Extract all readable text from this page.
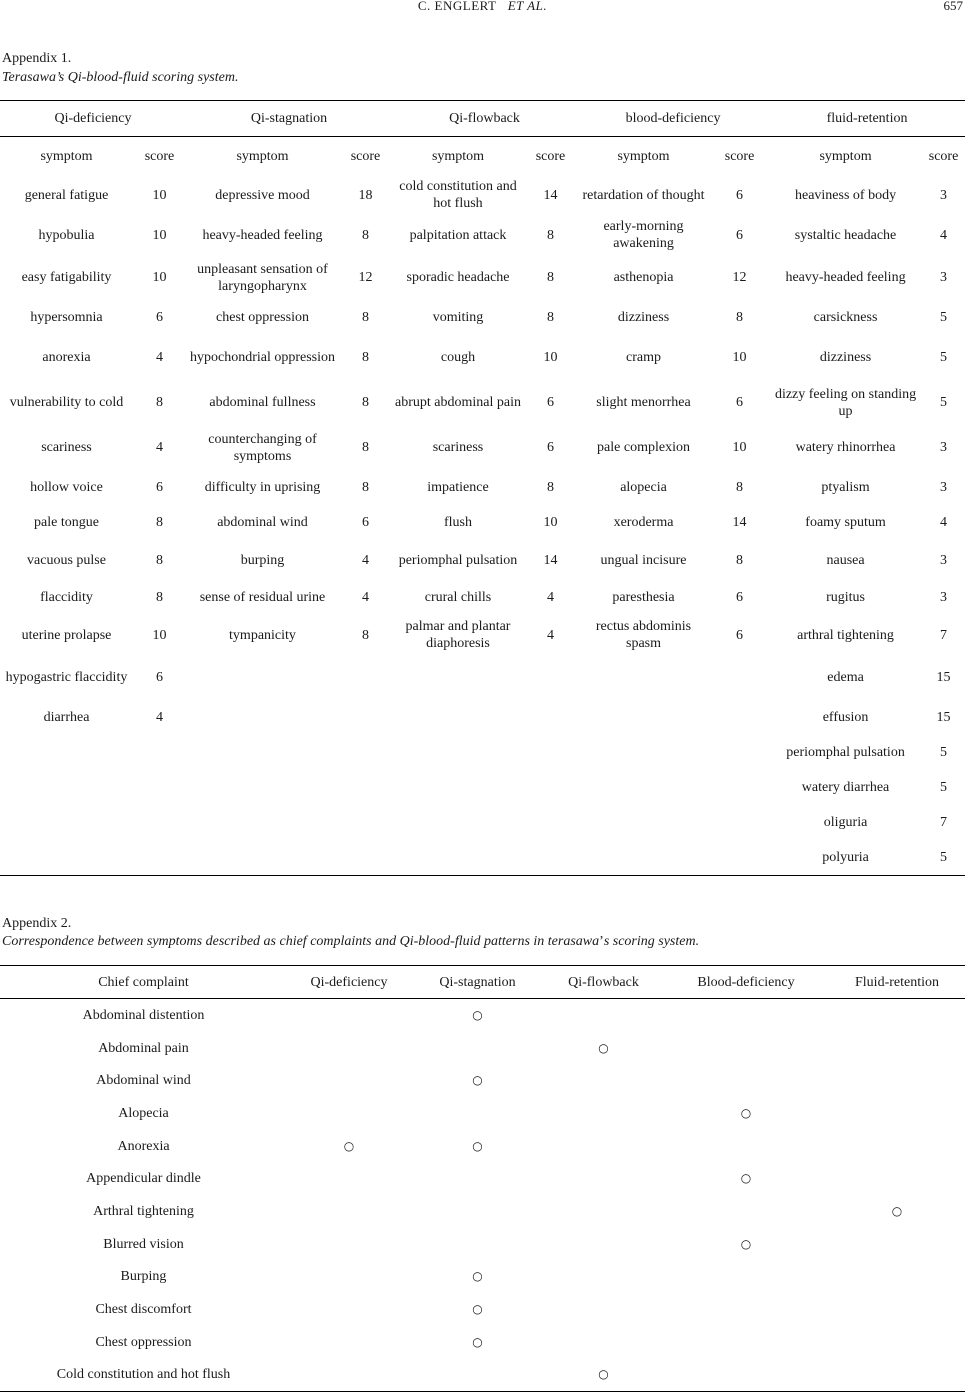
C. ENGLERT ET AL.	657
Appendix 1.
Terasawa’s Qi-blood-fluid scoring system.
Qi-deficiency		Qi-stagnation		Qi-flowback		blood-deficiency		fluid-retention	
symptom	score	symptom	score	symptom	score	symptom	score	symptom	score
general fatigue	10	depressive mood	18	cold constitution and hot flush	14	retardation of thought	6	heaviness of body	3
hypobulia	10	heavy-headed feeling	8	palpitation attack	8	early-morning awakening	6	systaltic headache	4
easy fatigability	10	unpleasant sensation of laryngopharynx	12	sporadic headache	8	asthenopia	12	heavy-headed feeling	3
hypersomnia	6	chest oppression	8	vomiting	8	dizziness	8	carsickness	5
anorexia	4	hypochondrial oppression	8	cough	10	cramp	10	dizziness	5
vulnerability to cold	8	abdominal fullness	8	abrupt abdominal pain	6	slight menorrhea	6	dizzy feeling on standing up	5
scariness	4	counterchanging of symptoms	8	scariness	6	pale complexion	10	watery rhinorrhea	3
hollow voice	6	difficulty in uprising	8	impatience	8	alopecia	8	ptyalism	3
pale tongue	8	abdominal wind	6	flush	10	xeroderma	14	foamy sputum	4
vacuous pulse	8	burping	4	periomphal pulsation	14	ungual incisure	8	nausea	3
flaccidity	8	sense of residual urine	4	crural chills	4	paresthesia	6	rugitus	3
uterine prolapse	10	tympanicity	8	palmar and plantar diaphoresis	4	rectus abdominis spasm	6	arthral tightening	7
hypogastric flaccidity	6							edema	15
diarrhea	4							effusion	15
								periomphal pulsation	5
								watery diarrhea	5
								oliguria	7
								polyuria	5
Appendix 2.
Correspondence between symptoms described as chief complaints and Qi-blood-fluid patterns in terasawa’s scoring system.
Chief complaint	Qi-deficiency	Qi-stagnation	Qi-flowback	Blood-deficiency	Fluid-retention
Abdominal distention		○			
Abdominal pain			○		
Abdominal wind		○			
Alopecia				○	
Anorexia	○	○			
Appendicular dindle				○	
Arthral tightening					○
Blurred vision				○	
Burping		○			
Chest discomfort		○			
Chest oppression		○			
Cold constitution and hot flush			○		
